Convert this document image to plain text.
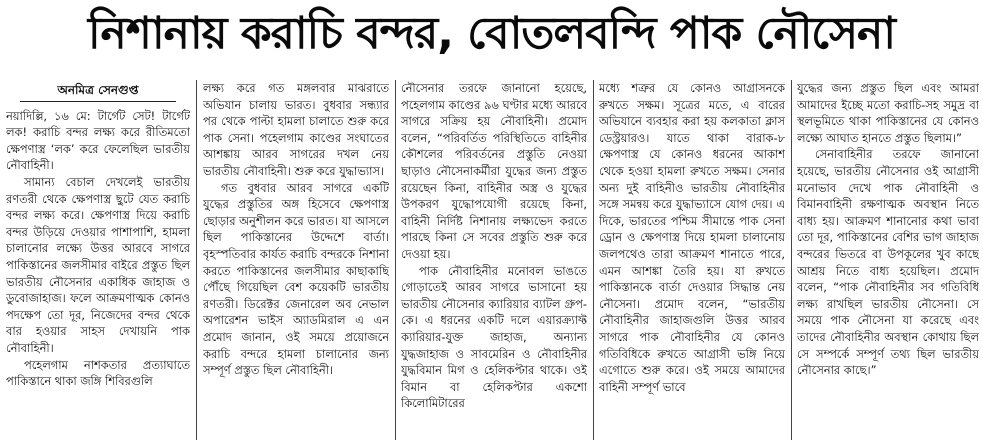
নিশানায় করাচি বন্দর, বোতলবন্দি পাক নৌসেনা
অনমিত্র সেনগুপ্ত

নয়াদিল্লি, ১৬ মে: টার্গেট সেট! টার্গেট লক! করাচি বন্দর লক্ষ্য করে রীতিমতো ক্ষেপণাস্ত্র ‘লক’ করে ফেলেছিল ভারতীয় নৌবাহিনী।

সামান্য বেচাল দেখলেই ভারতীয় রণতরী থেকে ক্ষেপণাস্ত্র ছুটে যেত করাচি বন্দর লক্ষ্য করে। ক্ষেপণাস্ত্র দিয়ে করাচি বন্দর উড়িয়ে দেওয়ার পাশাপাশি, হামলা চালানোর লক্ষ্যে উত্তর আরবে সাগরে পাকিস্তানের জলসীমার বাইরে প্রস্তুত ছিল ভারতীয় নৌসেনার একাধিক জাহাজ ও ডুবোজাহাজ। ফলে আক্রমণাত্মক কোনও পদক্ষেপ তো দূর, নিজেদের বন্দর থেকে বার হওয়ার সাহস দেখায়নি পাক নৌবাহিনী।

পহেলগাম নাশকতার প্রত্যাঘাতে পাকিস্তানে থাকা জঙ্গি শিবিরগুলি

লক্ষ্য করে গত মঙ্গলবার মাঝরাতে অভিযান চালায় ভারত। বুধবার সন্ধ্যার পর থেকে পাল্টা হামলা চালাতে শুরু করে পাক সেনা। পহেলগাম কাণ্ডের সংঘাতের আশঙ্কায় আরব সাগরের দখল নেয় ভারতীয় নৌবাহিনী। শুরু করে যুদ্ধাভ্যাস।

গত বুধবার আরব সাগরে একটি যুদ্ধের প্রস্তুতির অঙ্গ হিসেবে ক্ষেপণাস্ত্র ছোড়ার অনুশীলন করে ভারত। যা আসলে ছিল পাকিস্তানের উদ্দেশে বার্তা। বৃহস্পতিবার কার্যত করাচি বন্দরকে নিশানা করতে পাকিস্তানের জলসীমার কাছাকাছি পৌঁছে গিয়েছিল বেশ কয়েকটি ভারতীয় রণতরী। ডিরেক্টর জেনারেল অব নেভাল অপারেশন ভাইস অ্যাডমিরাল এ এন প্রমোদ জানান, ওই সময়ে প্রয়োজনে করাচি বন্দরে হামলা চালানোর জন্য সম্পূর্ণ প্রস্তুত ছিল নৌবাহিনী।

নৌসেনার তরফে জানানো হয়েছে, পহেলগাম কাণ্ডের ৯৬ ঘণ্টার মধ্যে আরবে সাগরে সক্রিয় হয় নৌবাহিনী। প্রমোদ বলেন, “পরিবর্তিত পরিস্থিতিতে বাহিনীর কৌশলের পরিবর্তনের প্রস্তুতি নেওয়া ছাড়াও নৌসেনাকর্মীরা যুদ্ধের জন্য প্রস্তুত রয়েছেন কিনা, বাহিনীর অস্ত্র ও যুদ্ধের উপকরণ যুদ্ধোপযোগী রয়েছে কিনা, বাহিনী নির্দিষ্ট নিশানায় লক্ষ্যভেদ করতে পারছে কিনা সে সবের প্রস্তুতি শুরু করে দেওয়া হয়।

পাক নৌবাহিনীর মনোবল ভাঙতে গোড়াতেই আরব সাগরে ভাসানো হয় ভারতীয় নৌসেনার ক্যারিয়ার ব্যাটল গ্রুপ-কে। এ ধরনের একটি দলে এয়ারক্র্যাফ্ট ক্যারিয়ার-যুক্ত জাহাজ, অন্যান্য যুদ্ধজাহাজ ও সাবমেরিন ও নৌবাহিনীর যুদ্ধবিমান মিগ ও হেলিকপ্টার থাকে। ওই বিমান বা হেলিকপ্টার একশো কিলোমিটারের

মধ্যে শত্রুর যে কোনও আগ্রাসনকে রুখতে সক্ষম। সূত্রের মতে, এ বারের অভিযানে ব্যবহার করা হয় কলকাতা ক্লাস ডেস্ট্রয়ারও। যাতে থাকা বারাক-৮ ক্ষেপণাস্ত্র যে কোনও ধরনের আকাশ থেকে হওয়া হামলা রুখতে সক্ষম। সেনার অন্য দুই বাহিনীও ভারতীয় নৌবাহিনীর সঙ্গে সমন্বয় করে যুদ্ধাভ্যাসে যোগ দেয়। এ দিকে, ভারতের পশ্চিম সীমান্তে পাক সেনা ড্রোন ও ক্ষেপণাস্ত্র দিয়ে হামলা চালানোয় জলপথেও তারা আক্রমণ শানাতে পারে, এমন আশঙ্কা তৈরি হয়। যা রুখতে পাকিস্তানকে বার্তা দেওয়ার সিদ্ধান্ত নেয় নৌসেনা। প্রমোদ বলেন, “ভারতীয় নৌবাহিনীর জাহাজগুলি উত্তর আরব সাগরে পাক নৌবাহিনীর যে কোনও গতিবিধিকে রুখতে আগ্রাসী ভঙ্গি নিয়ে এগোতে শুরু করে। ওই সময়ে আমাদের বাহিনী সম্পূর্ণ ভাবে

যুদ্ধের জন্য প্রস্তুত ছিল এবং আমরা আমাদের ইচ্ছে মতো করাচি-সহ সমুদ্র বা স্থলভূমিতে থাকা পাকিস্তানের যে কোনও লক্ষ্যে আঘাত হানতে প্রস্তুত ছিলাম।”

সেনাবাহিনীর তরফে জানানো হয়েছে, ভারতীয় নৌসেনার ওই আগ্রাসী মনোভাব দেখে পাক নৌবাহিনী ও বিমানবাহিনী রক্ষণাত্মক অবস্থান নিতে বাধ্য হয়। আক্রমণ শানানোর কথা ভাবা তো দূর, পাকিস্তানের বেশির ভাগ জাহাজ বন্দরের ভিতরে বা উপকূলের খুব কাছে আশ্রয় নিতে বাধ্য হয়েছিল। প্রমোদ বলেন, “পাক নৌবাহিনীর সব গতিবিধি লক্ষ্য রাখছিল ভারতীয় নৌসেনা। সে সময়ে পাক নৌসেনা যা করেছে এবং তাদের নৌবাহিনীর অবস্থান কোথায় ছিল সে সম্পর্কে সম্পূর্ণ তথ্য ছিল ভারতীয় নৌসেনার কাছে।”
